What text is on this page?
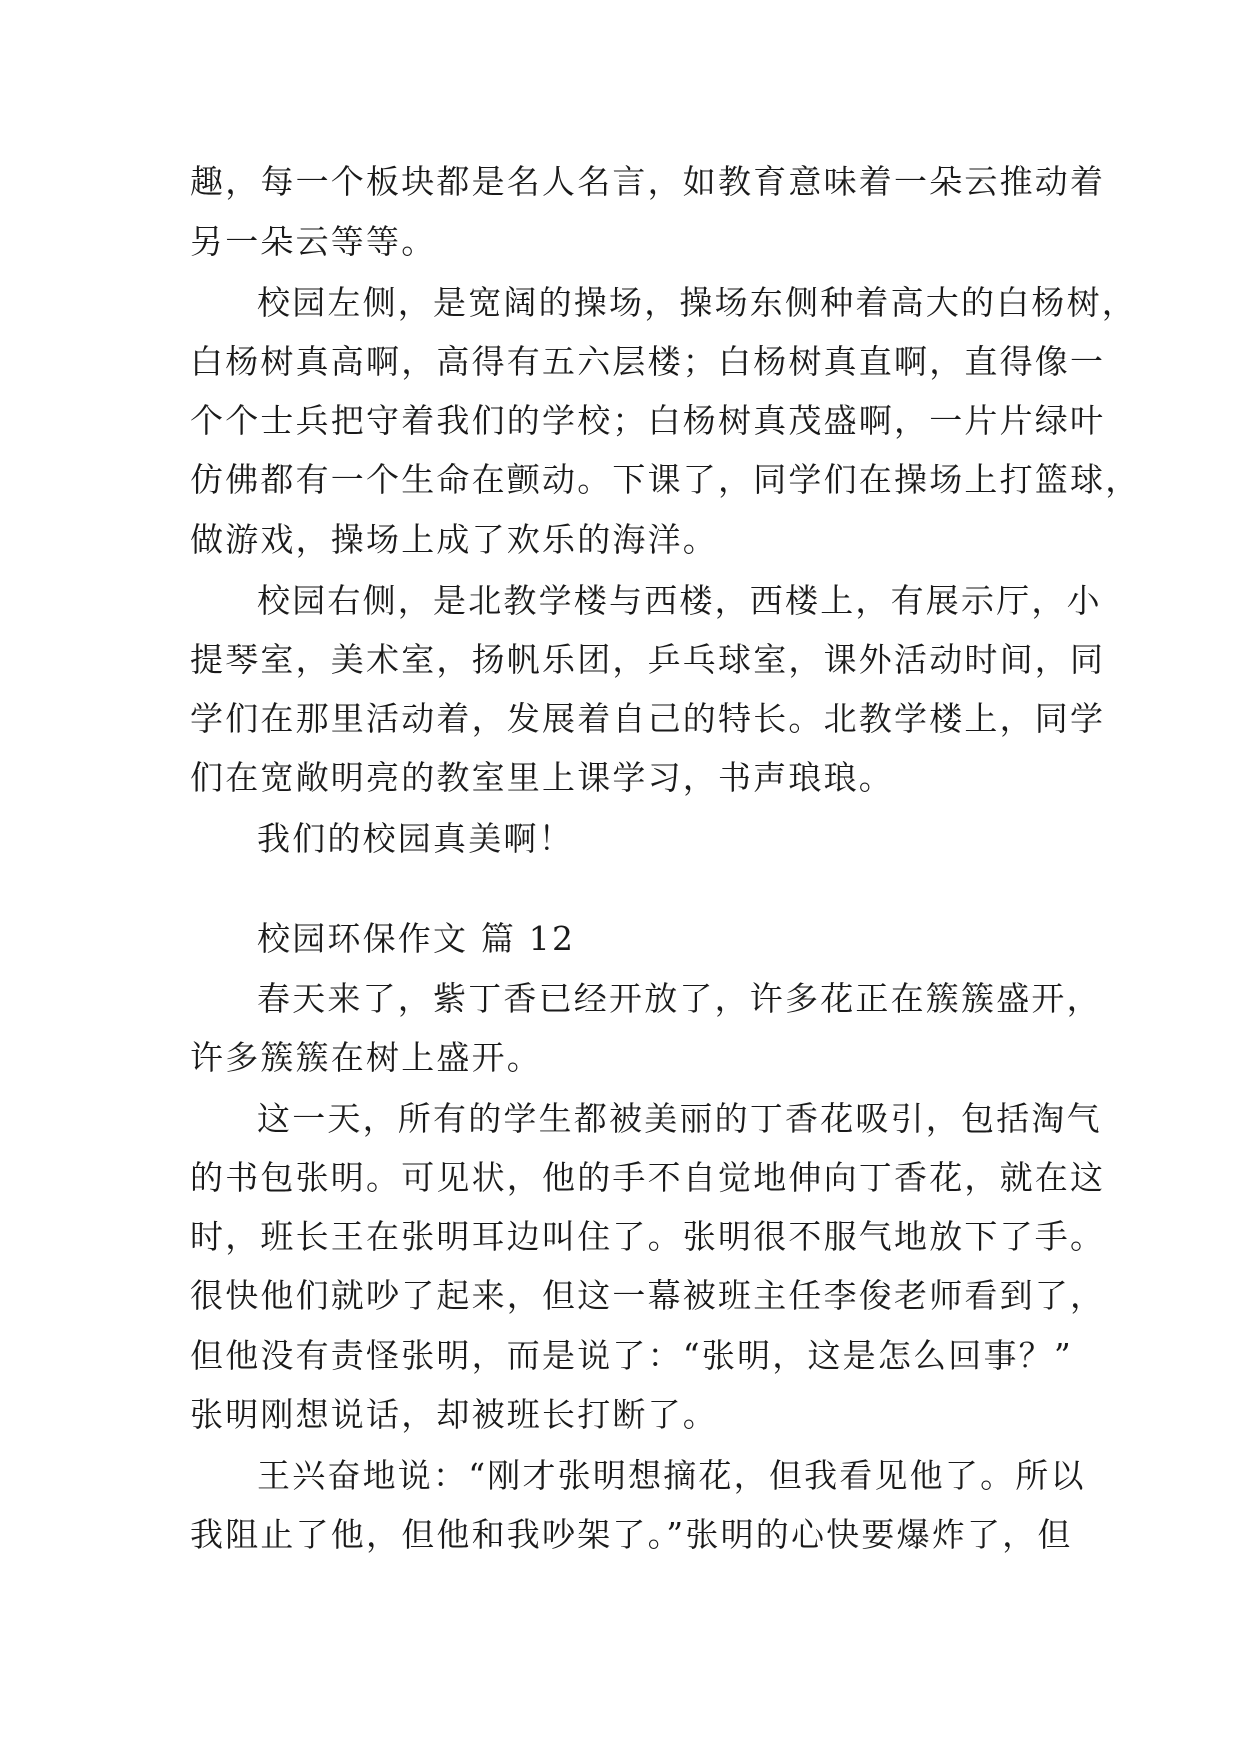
趣，每一个板块都是名人名言，如教育意味着一朵云推动着
另一朵云等等。
校园左侧，是宽阔的操场，操场东侧种着高大的白杨树，
白杨树真高啊，高得有五六层楼；白杨树真直啊，直得像一
个个士兵把守着我们的学校；白杨树真茂盛啊，一片片绿叶
仿佛都有一个生命在颤动。下课了，同学们在操场上打篮球，
做游戏，操场上成了欢乐的海洋。
校园右侧，是北教学楼与西楼，西楼上，有展示厅，小
提琴室，美术室，扬帆乐团，乒乓球室，课外活动时间，同
学们在那里活动着，发展着自己的特长。北教学楼上，同学
们在宽敞明亮的教室里上课学习，书声琅琅。
我们的校园真美啊！
校园环保作文 篇 12
春天来了，紫丁香已经开放了，许多花正在簇簇盛开，
许多簇簇在树上盛开。
这一天，所有的学生都被美丽的丁香花吸引，包括淘气
的书包张明。可见状，他的手不自觉地伸向丁香花，就在这
时，班长王在张明耳边叫住了。张明很不服气地放下了手。
很快他们就吵了起来，但这一幕被班主任李俊老师看到了，
但他没有责怪张明，而是说了：“张明，这是怎么回事？”
张明刚想说话，却被班长打断了。
王兴奋地说：“刚才张明想摘花，但我看见他了。所以
我阻止了他，但他和我吵架了。”张明的心快要爆炸了，但
